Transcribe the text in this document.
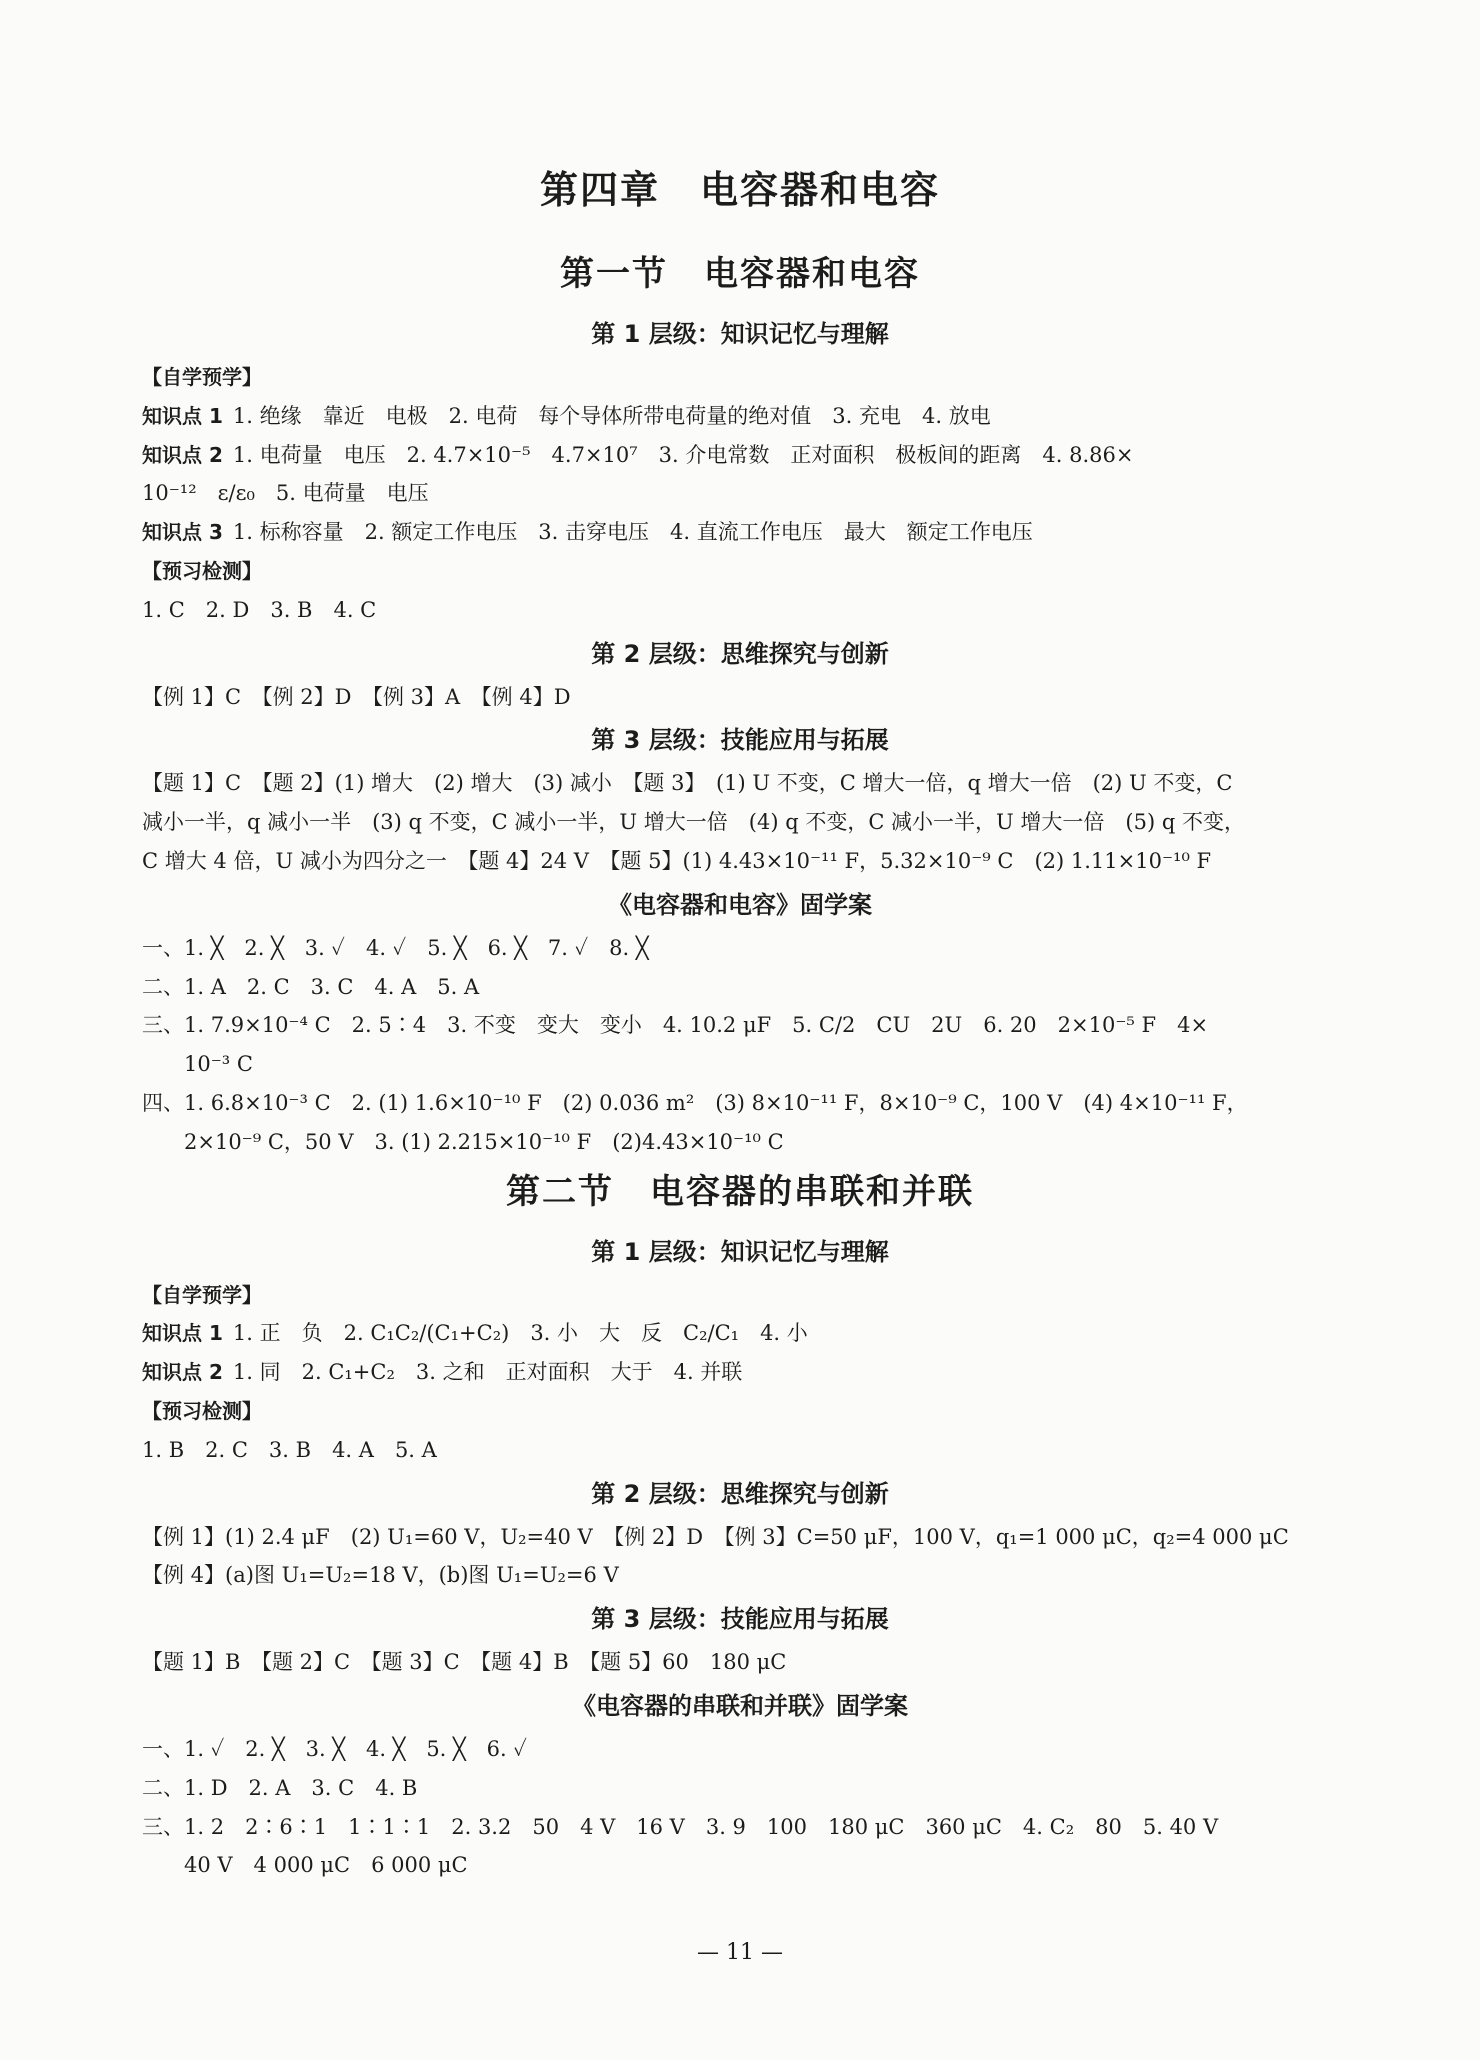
第四章　电容器和电容
第一节　电容器和电容
第 1 层级：知识记忆与理解
【自学预学】
知识点 1 1. 绝缘　靠近　电极　2. 电荷　每个导体所带电荷量的绝对值　3. 充电　4. 放电
知识点 2 1. 电荷量　电压　2. 4.7×10⁻⁵　4.7×10⁷　3. 介电常数　正对面积　极板间的距离　4. 8.86×
10⁻¹²　ε/ε₀　5. 电荷量　电压
知识点 3 1. 标称容量　2. 额定工作电压　3. 击穿电压　4. 直流工作电压　最大　额定工作电压
【预习检测】
1. C　2. D　3. B　4. C
第 2 层级：思维探究与创新
【例 1】C　【例 2】D　【例 3】A　【例 4】D
第 3 层级：技能应用与拓展
【题 1】C　【题 2】(1) 增大　(2) 增大　(3) 减小　【题 3】　(1) U 不变，C 增大一倍，q 增大一倍　(2) U 不变，C
减小一半，q 减小一半　(3) q 不变，C 减小一半，U 增大一倍　(4) q 不变，C 减小一半，U 增大一倍　(5) q 不变，
C 增大 4 倍，U 减小为四分之一　【题 4】24 V　【题 5】(1) 4.43×10⁻¹¹ F，5.32×10⁻⁹ C　(2) 1.11×10⁻¹⁰ F
《电容器和电容》固学案
一、1. ╳　2. ╳　3. ✓　4. ✓　5. ╳　6. ╳　7. ✓　8. ╳
二、1. A　2. C　3. C　4. A　5. A
三、1. 7.9×10⁻⁴ C　2. 5∶4　3. 不变　变大　变小　4. 10.2 μF　5. C/2　CU　2U　6. 20　2×10⁻⁵ F　4×
10⁻³ C
四、1. 6.8×10⁻³ C　2. (1) 1.6×10⁻¹⁰ F　(2) 0.036 m²　(3) 8×10⁻¹¹ F，8×10⁻⁹ C，100 V　(4) 4×10⁻¹¹ F，
2×10⁻⁹ C，50 V　3. (1) 2.215×10⁻¹⁰ F　(2)4.43×10⁻¹⁰ C
第二节　电容器的串联和并联
第 1 层级：知识记忆与理解
【自学预学】
知识点 1 1. 正　负　2. C₁C₂/(C₁+C₂)　3. 小　大　反　C₂/C₁　4. 小
知识点 2 1. 同　2. C₁+C₂　3. 之和　正对面积　大于　4. 并联
【预习检测】
1. B　2. C　3. B　4. A　5. A
第 2 层级：思维探究与创新
【例 1】(1) 2.4 μF　(2) U₁=60 V，U₂=40 V　【例 2】D　【例 3】C=50 μF，100 V，q₁=1 000 μC，q₂=4 000 μC
【例 4】(a)图 U₁=U₂=18 V，(b)图 U₁=U₂=6 V
第 3 层级：技能应用与拓展
【题 1】B　【题 2】C　【题 3】C　【题 4】B　【题 5】60　180 μC
《电容器的串联和并联》固学案
一、1. ✓　2. ╳　3. ╳　4. ╳　5. ╳　6. ✓
二、1. D　2. A　3. C　4. B
三、1. 2　2∶6∶1　1∶1∶1　2. 3.2　50　4 V　16 V　3. 9　100　180 μC　360 μC　4. C₂　80　5. 40 V
40 V　4 000 μC　6 000 μC
— 11 —
